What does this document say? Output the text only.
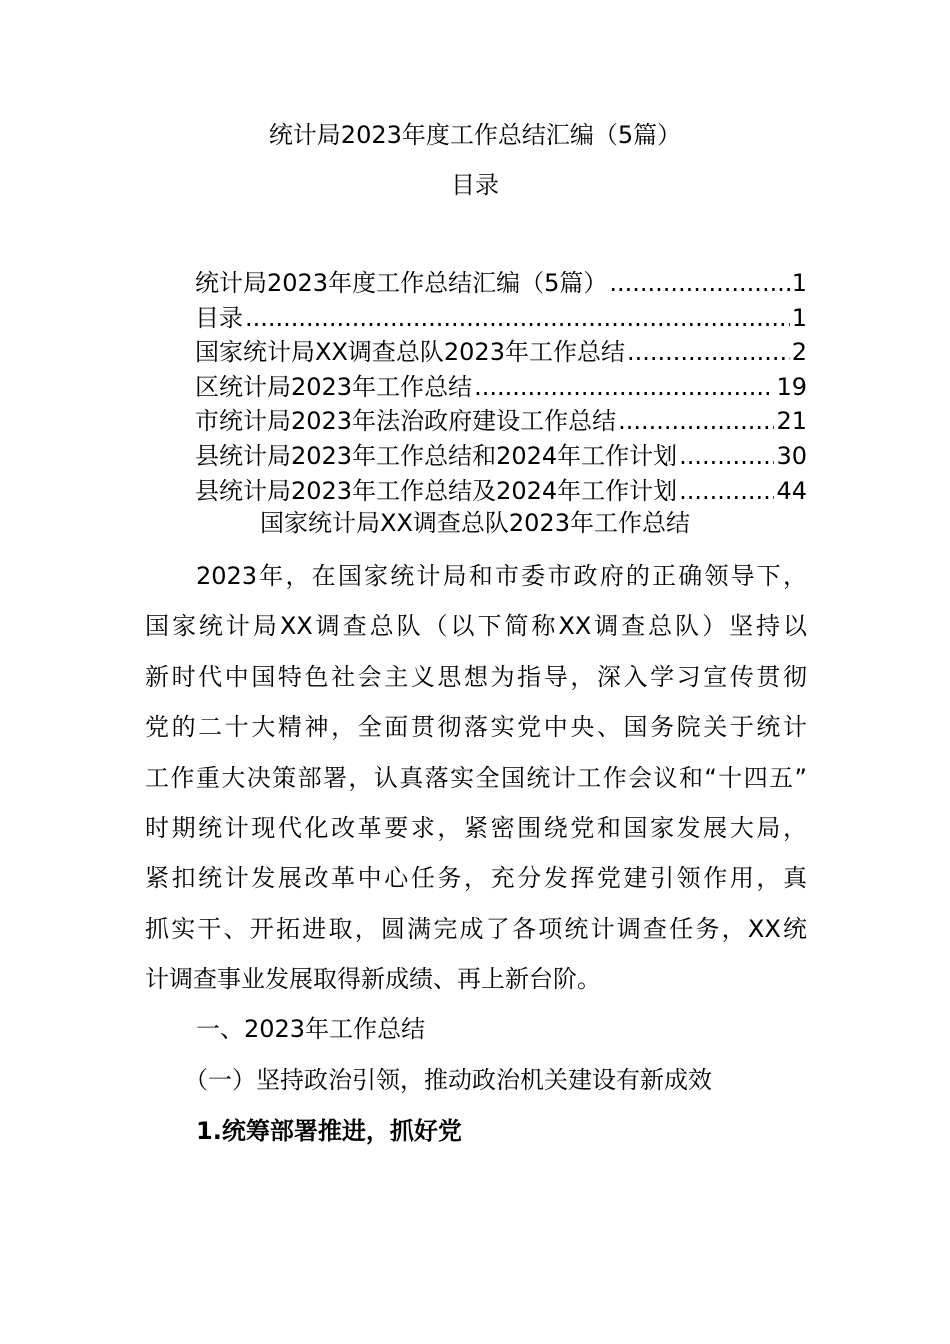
统计局2023年度工作总结汇编（5篇）
目录
统计局2023年度工作总结汇编（5篇） .....	1
目录 .....	1
国家统计局XX调查总队2023年工作总结 .....	2
区统计局2023年工作总结 .....	19
市统计局2023年法治政府建设工作总结 .....	21
县统计局2023年工作总结和2024年工作计划 .....	30
县统计局2023年工作总结及2024年工作计划 .....	44
国家统计局XX调查总队2023年工作总结
2023年，在国家统计局和市委市政府的正确领导下，
国家统计局XX调查总队（以下简称XX调查总队）坚持以
新时代中国特色社会主义思想为指导，深入学习宣传贯彻
党的二十大精神，全面贯彻落实党中央、国务院关于统计
工作重大决策部署，认真落实全国统计工作会议和“十四五”
时期统计现代化改革要求，紧密围绕党和国家发展大局，
紧扣统计发展改革中心任务，充分发挥党建引领作用，真
抓实干、开拓进取，圆满完成了各项统计调查任务，XX统
计调查事业发展取得新成绩、再上新台阶。
一、2023年工作总结
（一）坚持政治引领，推动政治机关建设有新成效
1.统筹部署推进，抓好党
